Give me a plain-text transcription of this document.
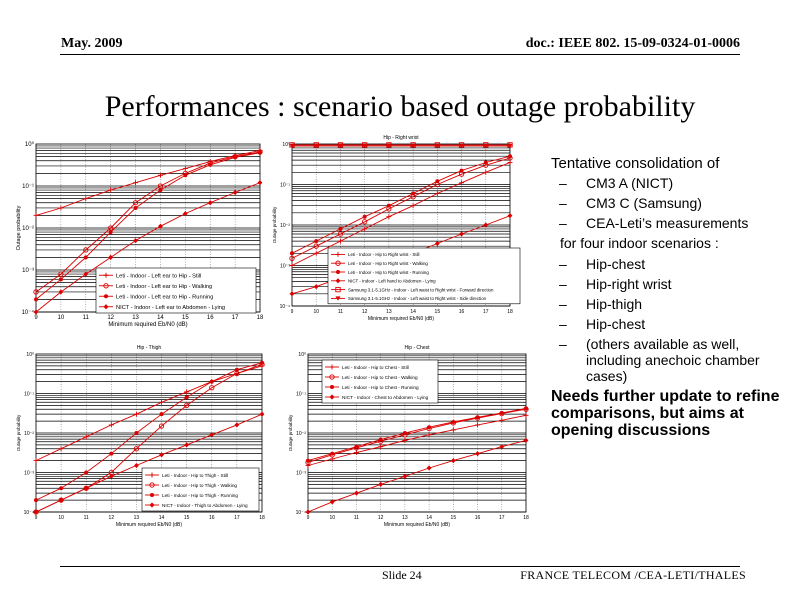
May. 2009	doc.: IEEE 802. 15-09-0324-01-0006
Performances : scenario based outage probability
9	10	11	12	13	14	15	16	17	18
10⁻⁴
10⁻³
10⁻²
10⁻¹
10⁰
Minimum required Eb/N0 (dB)
Outage probability
Leti - Indoor - Left ear to Hip - Still
Leti - Indoor - Left ear to Hip - Walking
Leti - Indoor - Left ear to Hip - Running
NICT - Indoor - Left ear to Abdomen - Lying
9	10	11	12	13	14	15	16	17	18
10⁻⁴
10⁻³
10⁻²
10⁻¹
10⁰
Minimum required Eb/N0 (dB)
Outage probability
Hip - Right wrist
Leti - Indoor - Hip to Right wrist - Still
Leti - Indoor - Hip to Right wrist - Walking
Leti - Indoor - Hip to Right wrist - Running
NICT - Indoor - Left hand to Abdomen - Lying
Samsung 3.1-5.1GHz - Indoor - Left waist to Right wrist - Forward direction
Samsung 3.1-5.1GHz - Indoor - Left waist to Right wrist - Side direction
9	10	11	12	13	14	15	16	17	18
10⁻⁴
10⁻³
10⁻²
10⁻¹
10⁰
Minimum required Eb/N0 (dB)
Outage probability
Hip - Thigh
Leti - Indoor - Hip to Thigh - Still
Leti - Indoor - Hip to Thigh - Walking
Leti - Indoor - Hip to Thigh - Running
NICT - Indoor - Thigh to Abdomen - Lying
9	10	11	12	13	14	15	16	17	18
10⁻⁴
10⁻³
10⁻²
10⁻¹
10⁰
Minimum required Eb/N0 (dB)
Outage probability
Hip - Chest
Leti - Indoor - Hip to Chest - Still
Leti - Indoor - Hip to Chest - Walking
Leti - Indoor - Hip to Chest - Running
NICT - Indoor - Chest to Abdomen - Lying
Tentative consolidation of
– CM3 A (NICT)
– CM3 C (Samsung)
– CEA-Leti’s measurements
for four indoor scenarios :
– Hip-chest
– Hip-right wrist
– Hip-thigh
– Hip-chest
–	(others available as well, including anechoic chamber cases)
Needs further update to refine comparisons, but aims at opening discussions
Slide 24	FRANCE TELECOM /CEA-LETI/THALES
